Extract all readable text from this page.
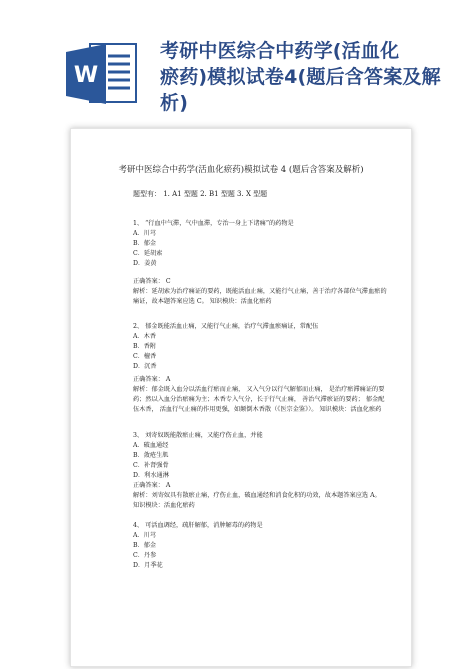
W
考研中医综合中药学(活血化
瘀药)模拟试卷4(题后含答案及解析)
考研中医综合中药学(活血化瘀药)模拟试卷 4 (题后含答案及解析)
题型有： 1. A1 型题 2. B1 型题 3. X 型题
1、 “行血中气滞，气中血滞，专治一身上下诸痛”的药物是
A．川芎
B．郁金
C．延胡索
D．姜黄
正确答案： C
解析：延胡索为治疗痛证的要药，既能活血止痛，又能行气止痛，善于治疗各部位气滞血瘀的痛证，故本题答案应选 C。 知识模块：活血化瘀药
2、 郁金既能活血止痛，又能行气止痛，治疗气滞血瘀痛证，常配伍
A．木香
B．香附
C．檀香
D．沉香
正确答案： A
解析：郁金既入血分以活血行瘀而止痛， 又入气分以行气解郁而止痛， 是治疗瘀滞痛证的要药；然以入血分治瘀痛为主；木香专入气分，长于行气止痛， 善治气滞瘀证的要药； 郁金配伍木香， 活血行气止痛的作用更强，如颠倒木香散（《医宗金鉴》）。 知识模块：活血化瘀药
3、 刘寄奴既能散瘀止痛，又能疗伤止血，并能
A．破血通经
B．敛疮生肌
C．补肾强骨
D．利水通淋
正确答案： A
解析：刘寄奴具有散瘀止痛，疗伤止血，破血通经和消食化积的功效，故本题答案应选 A。 知识模块：活血化瘀药
4、 可活血调经，疏肝解郁，消肿解毒的药物是
A．川芎
B．郁金
C．丹参
D．月季花
